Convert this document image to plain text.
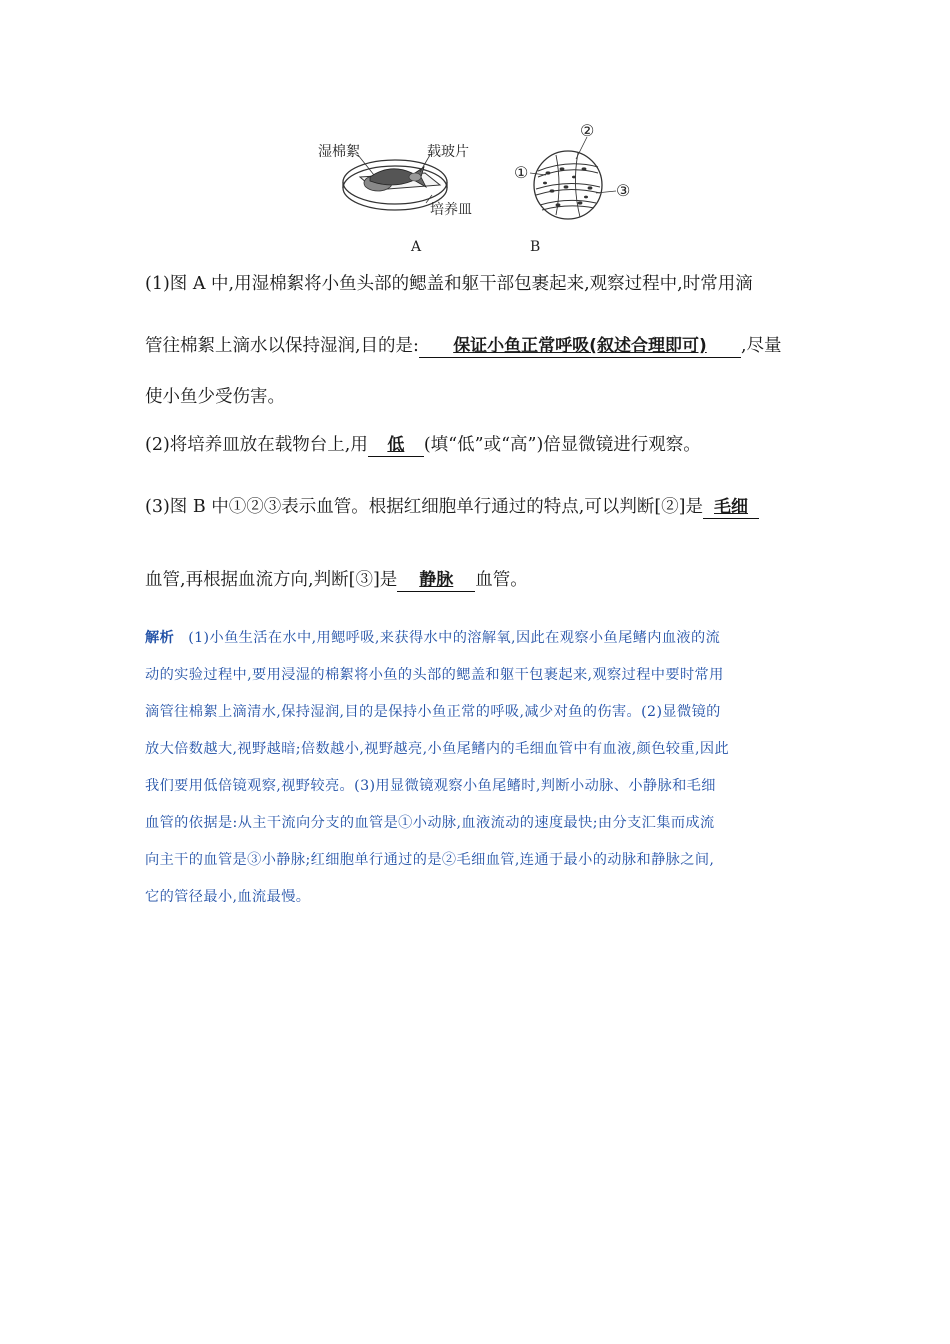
湿棉絮	载玻片
培养皿
①
②
③
A	B
(1)图 A 中,用湿棉絮将小鱼头部的鳃盖和躯干部包裹起来,观察过程中,时常用滴
管往棉絮上滴水以保持湿润,目的是: 保证小鱼正常呼吸(叙述合理即可) ,尽量
使小鱼少受伤害。
(2)将培养皿放在载物台上,用 低 (填“低”或“高”)倍显微镜进行观察。
(3)图 B 中①②③表示血管。根据红细胞单行通过的特点,可以判断[②]是 毛细
血管,再根据血流方向,判断[③]是 静脉 血管。
解析 (1)小鱼生活在水中,用鳃呼吸,来获得水中的溶解氧,因此在观察小鱼尾鳍内血液的流
动的实验过程中,要用浸湿的棉絮将小鱼的头部的鳃盖和躯干包裹起来,观察过程中要时常用
滴管往棉絮上滴清水,保持湿润,目的是保持小鱼正常的呼吸,减少对鱼的伤害。(2)显微镜的
放大倍数越大,视野越暗;倍数越小,视野越亮,小鱼尾鳍内的毛细血管中有血液,颜色较重,因此
我们要用低倍镜观察,视野较亮。(3)用显微镜观察小鱼尾鳍时,判断小动脉、小静脉和毛细
血管的依据是:从主干流向分支的血管是①小动脉,血液流动的速度最快;由分支汇集而成流
向主干的血管是③小静脉;红细胞单行通过的是②毛细血管,连通于最小的动脉和静脉之间,
它的管径最小,血流最慢。
